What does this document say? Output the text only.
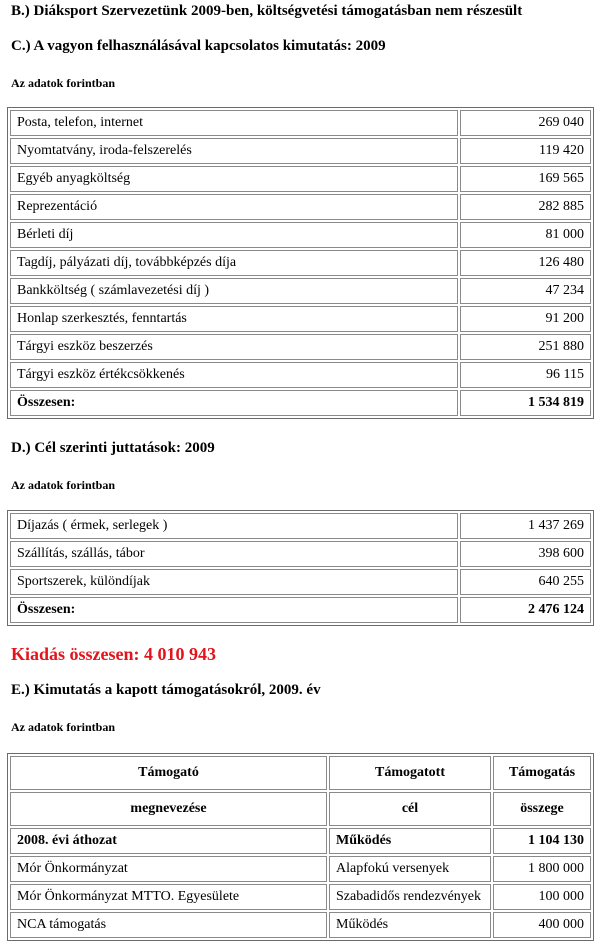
B.) Diáksport Szervezetünk 2009-ben, költségvetési támogatásban nem részesült
C.) A vagyon felhasználásával kapcsolatos kimutatás: 2009
Az adatok forintban
Posta, telefon, internet	269 040
Nyomtatvány, iroda-felszerelés	119 420
Egyéb anyagköltség	169 565
Reprezentáció	282 885
Bérleti díj	81 000
Tagdíj, pályázati díj, továbbképzés díja	126 480
Bankköltség ( számlavezetési díj )	47 234
Honlap szerkesztés, fenntartás	91 200
Tárgyi eszköz beszerzés	251 880
Tárgyi eszköz értékcsökkenés	96 115
Összesen:	1 534 819
D.) Cél szerinti juttatások: 2009
Az adatok forintban
Díjazás ( érmek, serlegek )	1 437 269
Szállítás, szállás, tábor	398 600
Sportszerek, különdíjak	640 255
Összesen:	2 476 124
Kiadás összesen: 4 010 943
E.) Kimutatás a kapott támogatásokról, 2009. év
Az adatok forintban
Támogató	Támogatott	Támogatás
megnevezése	cél	összege
2008. évi áthozat	Működés	1 104 130
Mór Önkormányzat	Alapfokú versenyek	1 800 000
Mór Önkormányzat MTTO. Egyesülete	Szabadidős rendezvények	100 000
NCA támogatás	Működés	400 000
